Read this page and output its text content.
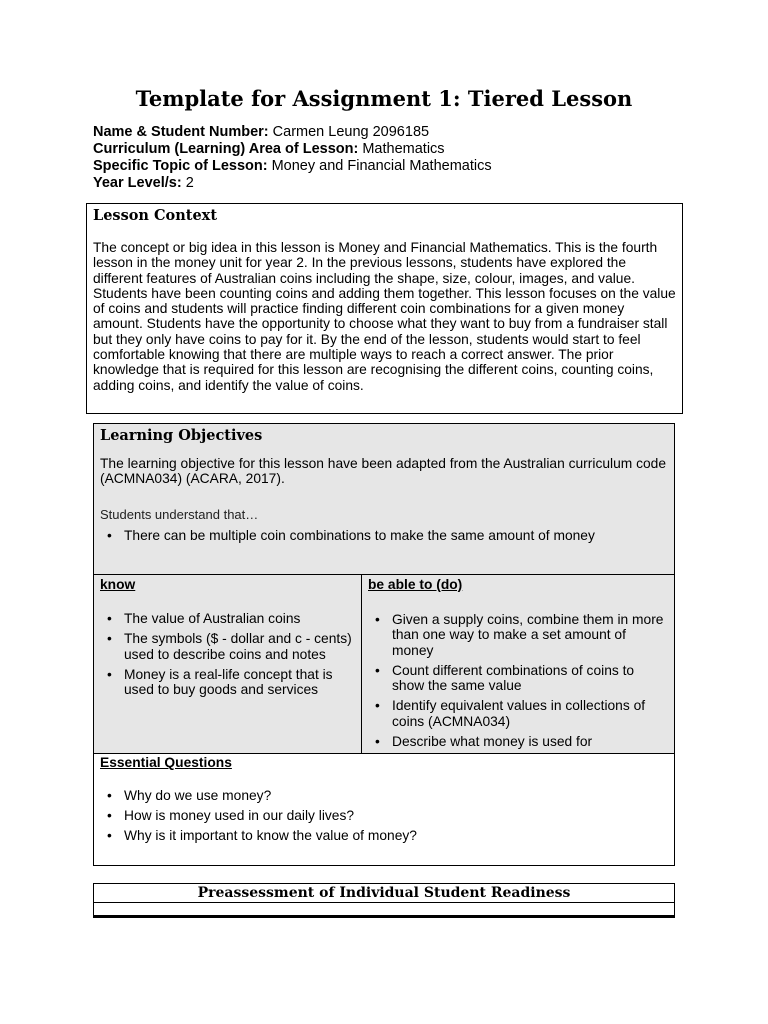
Template for Assignment 1: Tiered Lesson
Name & Student Number: Carmen Leung 2096185
Curriculum (Learning) Area of Lesson: Mathematics
Specific Topic of Lesson: Money and Financial Mathematics
Year Level/s: 2
Lesson Context
The concept or big idea in this lesson is Money and Financial Mathematics. This is the fourth lesson in the money unit for year 2. In the previous lessons, students have explored the different features of Australian coins including the shape, size, colour, images, and value. Students have been counting coins and adding them together. This lesson focuses on the value of coins and students will practice finding different coin combinations for a given money amount. Students have the opportunity to choose what they want to buy from a fundraiser stall but they only have coins to pay for it. By the end of the lesson, students would start to feel comfortable knowing that there are multiple ways to reach a correct answer. The prior knowledge that is required for this lesson are recognising the different coins, counting coins, adding coins, and identify the value of coins.
Learning Objectives
The learning objective for this lesson have been adapted from the Australian curriculum code (ACMNA034) (ACARA, 2017).
Students understand that…
• There can be multiple coin combinations to make the same amount of money
know
• The value of Australian coins
• The symbols ($ - dollar and c - cents) used to describe coins and notes
• Money is a real-life concept that is used to buy goods and services
be able to (do)
• Given a supply coins, combine them in more than one way to make a set amount of money
• Count different combinations of coins to show the same value
• Identify equivalent values in collections of coins (ACMNA034)
• Describe what money is used for
Essential Questions
• Why do we use money?
• How is money used in our daily lives?
• Why is it important to know the value of money?
Preassessment of Individual Student Readiness
